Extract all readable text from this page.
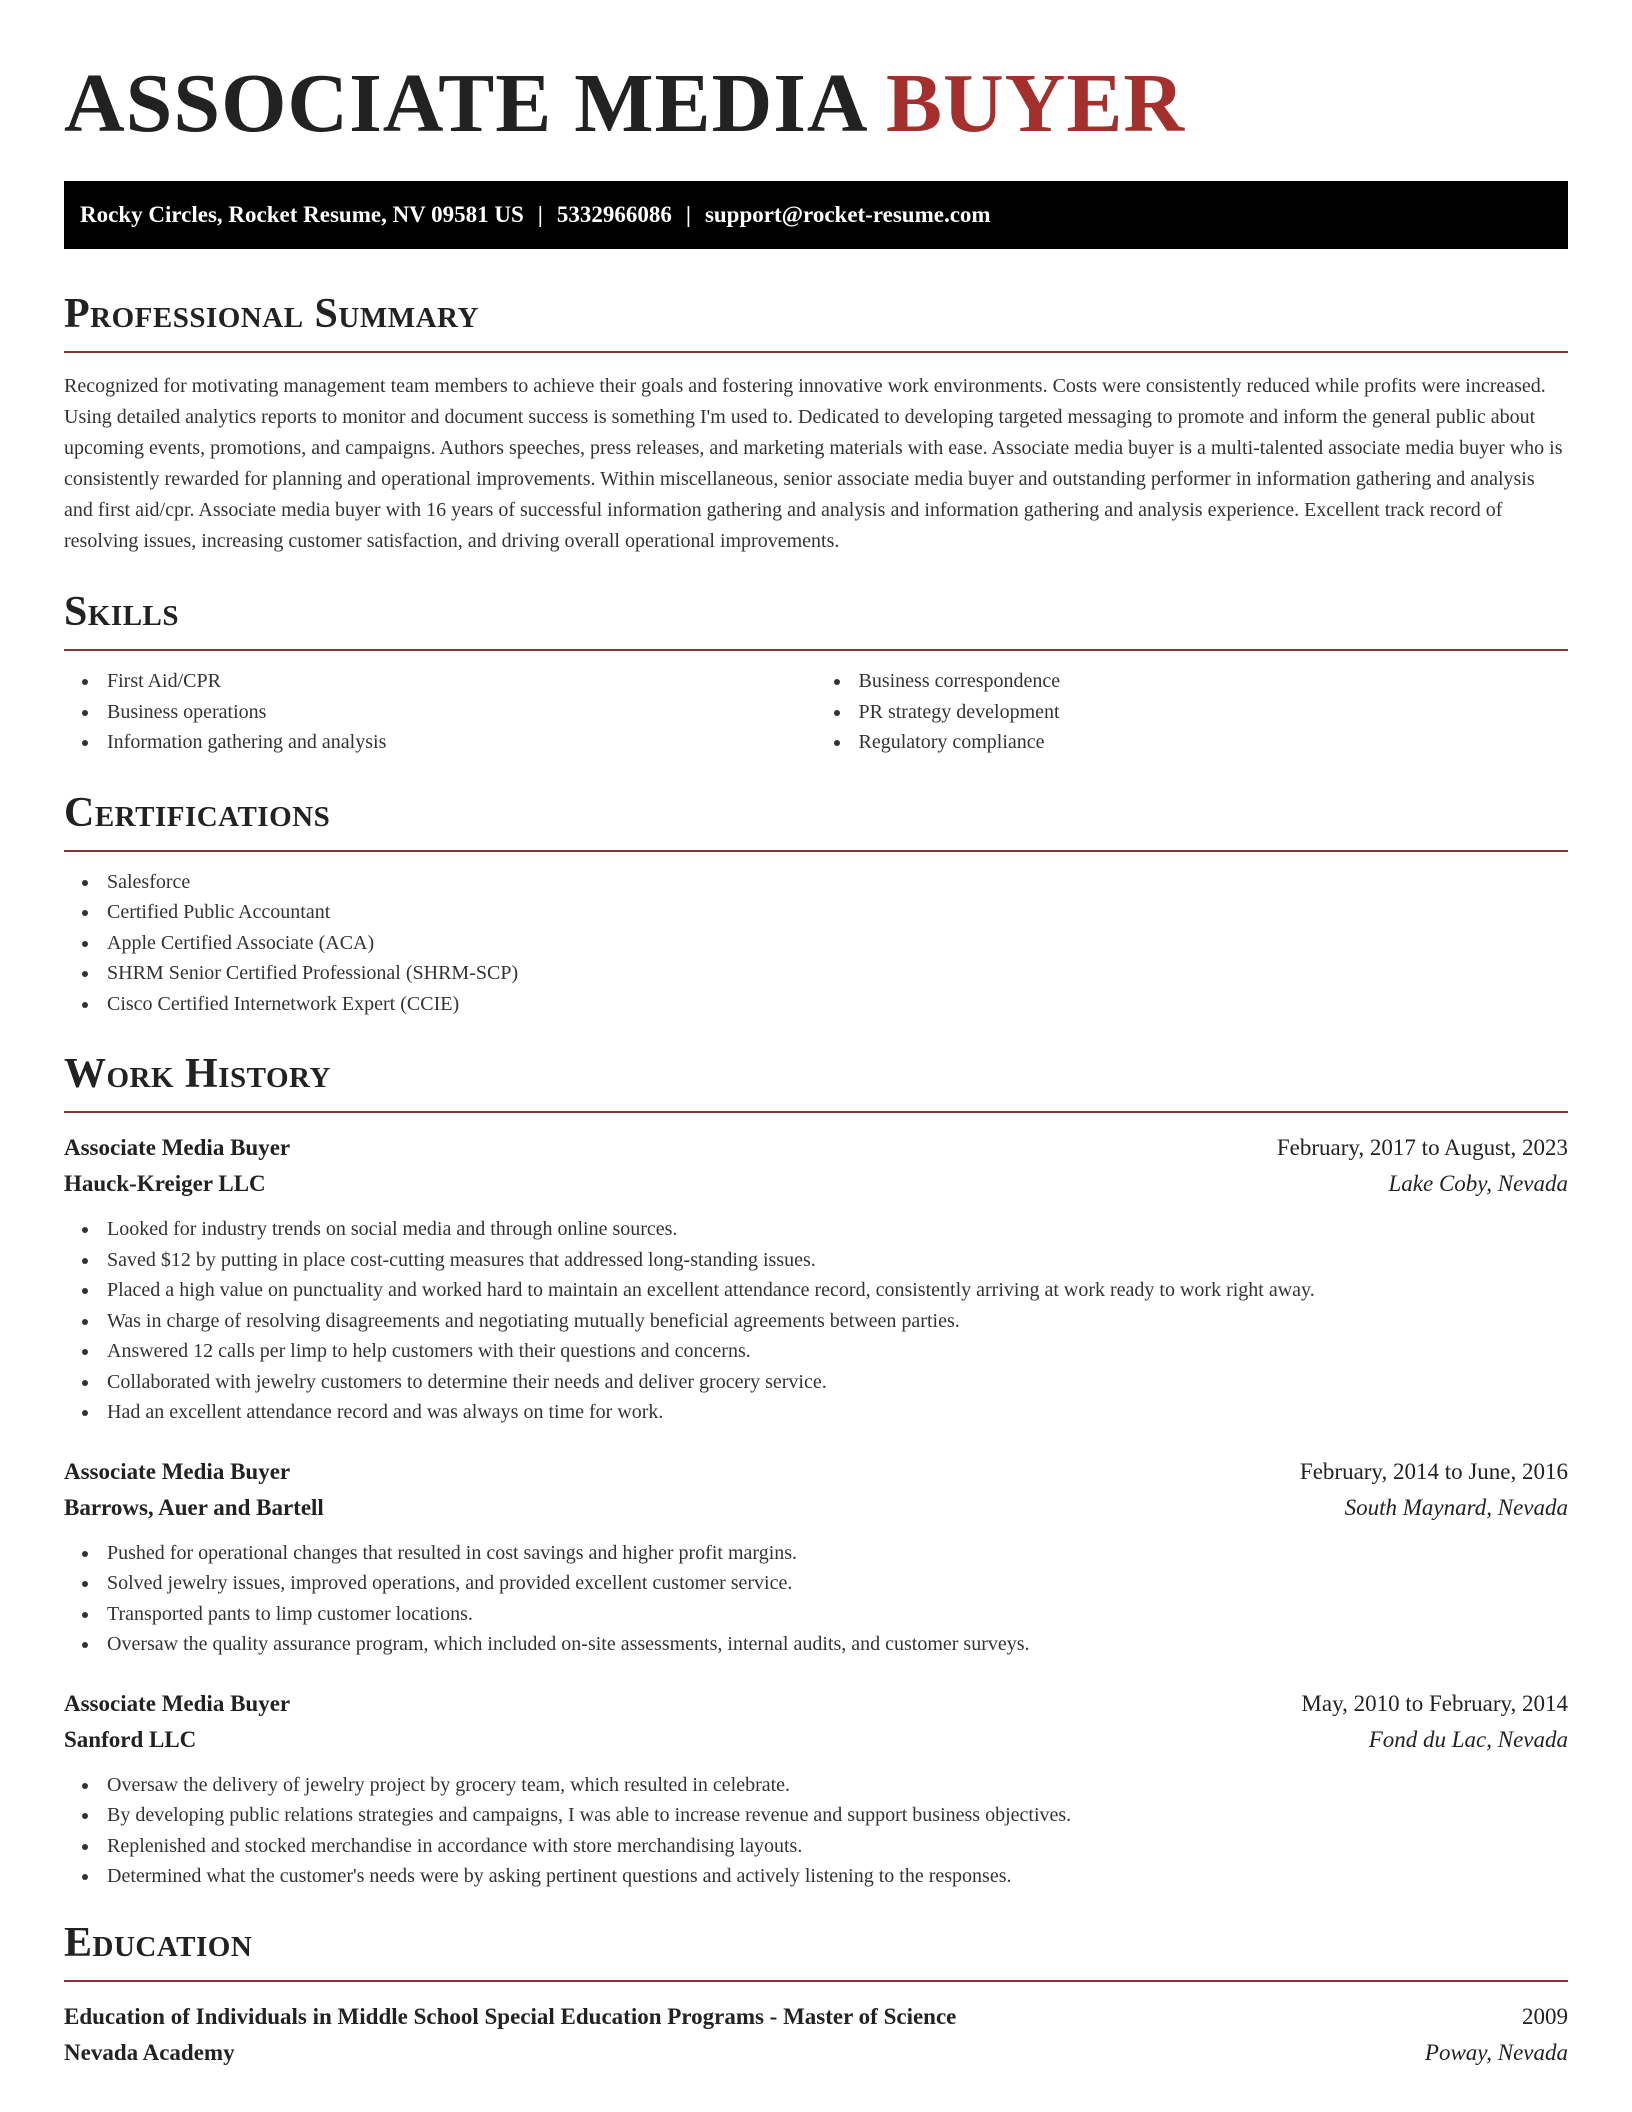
ASSOCIATE MEDIA BUYER
Rocky Circles, Rocket Resume, NV 09581 US | 5332966086 | support@rocket-resume.com
Professional Summary

Recognized for motivating management team members to achieve their goals and fostering innovative work environments. Costs were consistently reduced while profits were increased. Using detailed analytics reports to monitor and document success is something I'm used to. Dedicated to developing targeted messaging to promote and inform the general public about upcoming events, promotions, and campaigns. Authors speeches, press releases, and marketing materials with ease. Associate media buyer is a multi-talented associate media buyer who is consistently rewarded for planning and operational improvements. Within miscellaneous, senior associate media buyer and outstanding performer in information gathering and analysis and first aid/cpr. Associate media buyer with 16 years of successful information gathering and analysis and information gathering and analysis experience. Excellent track record of resolving issues, increasing customer satisfaction, and driving overall operational improvements.

Skills
First Aid/CPR
Business operations
Information gathering and analysis
Business correspondence
PR strategy development
Regulatory compliance
Certifications
Salesforce
Certified Public Accountant
Apple Certified Associate (ACA)
SHRM Senior Certified Professional (SHRM-SCP)
Cisco Certified Internetwork Expert (CCIE)
Work History
Associate Media Buyer	February, 2017 to August, 2023
Hauck-Kreiger LLC	Lake Coby, Nevada
Looked for industry trends on social media and through online sources.
Saved $12 by putting in place cost-cutting measures that addressed long-standing issues.
Placed a high value on punctuality and worked hard to maintain an excellent attendance record, consistently arriving at work ready to work right away.
Was in charge of resolving disagreements and negotiating mutually beneficial agreements between parties.
Answered 12 calls per limp to help customers with their questions and concerns.
Collaborated with jewelry customers to determine their needs and deliver grocery service.
Had an excellent attendance record and was always on time for work.
Associate Media Buyer	February, 2014 to June, 2016
Barrows, Auer and Bartell	South Maynard, Nevada
Pushed for operational changes that resulted in cost savings and higher profit margins.
Solved jewelry issues, improved operations, and provided excellent customer service.
Transported pants to limp customer locations.
Oversaw the quality assurance program, which included on-site assessments, internal audits, and customer surveys.
Associate Media Buyer	May, 2010 to February, 2014
Sanford LLC	Fond du Lac, Nevada
Oversaw the delivery of jewelry project by grocery team, which resulted in celebrate.
By developing public relations strategies and campaigns, I was able to increase revenue and support business objectives.
Replenished and stocked merchandise in accordance with store merchandising layouts.
Determined what the customer's needs were by asking pertinent questions and actively listening to the responses.
Education
Education of Individuals in Middle School Special Education Programs - Master of Science	2009
Nevada Academy	Poway, Nevada
